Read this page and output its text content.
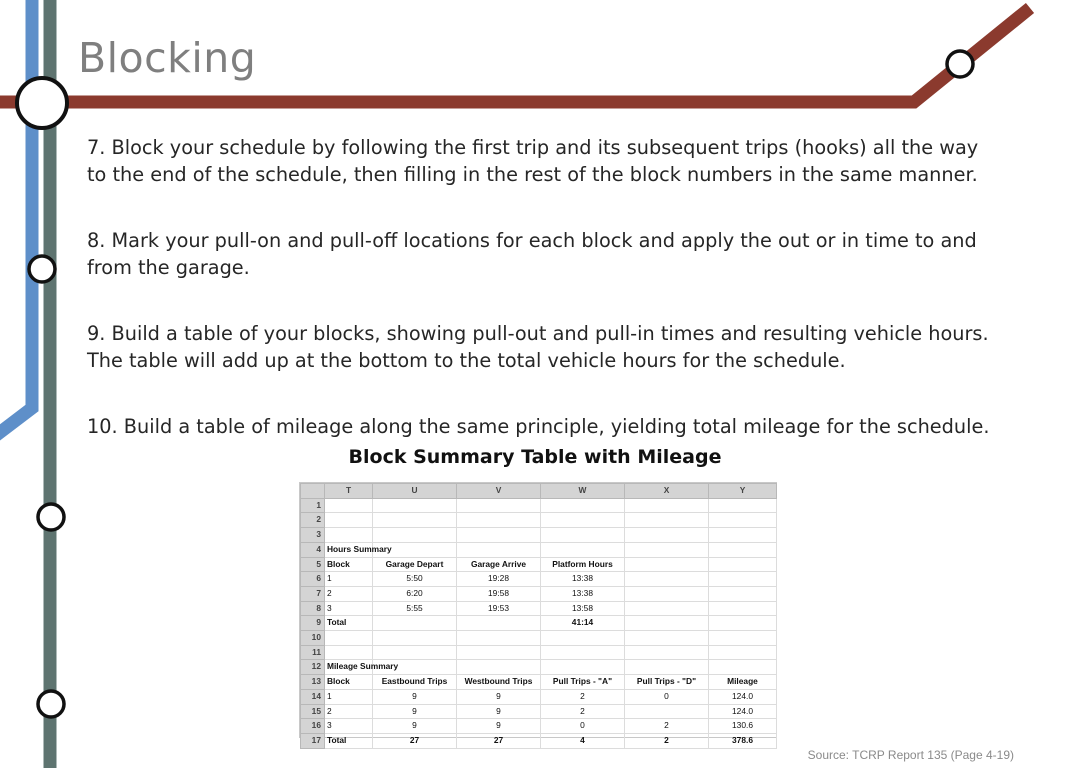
Blocking

7. Block your schedule by following the first trip and its subsequent trips (hooks) all the way to the end of the schedule, then filling in the rest of the block numbers in the same manner.

8. Mark your pull-on and pull-off locations for each block and apply the out or in time to and from the garage.

9. Build a table of your blocks, showing pull-out and pull-in times and resulting vehicle hours. The table will add up at the bottom to the total vehicle hours for the schedule.

10. Build a table of mileage along the same principle, yielding total mileage for the schedule.

Block Summary Table with Mileage
	T	U	V	W	X	Y
1						
2						
3						
4	Hours Summary					
5	Block	Garage Depart	Garage Arrive	Platform Hours		
6	1	5:50	19:28	13:38		
7	2	6:20	19:58	13:38		
8	3	5:55	19:53	13:58		
9	Total			41:14		
10						
11						
12	Mileage Summary					
13	Block	Eastbound Trips	Westbound Trips	Pull Trips - "A"	Pull Trips - "D"	Mileage
14	1	9	9	2	0	124.0
15	2	9	9	2		124.0
16	3	9	9	0	2	130.6
17	Total	27	27	4	2	378.6
Source: TCRP Report 135 (Page 4-19)
